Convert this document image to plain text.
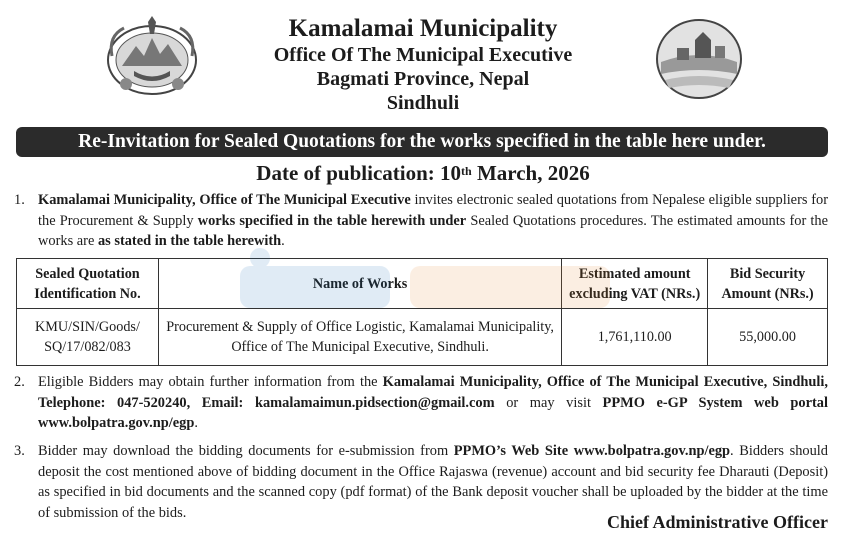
Kamalamai Municipality
Office Of The Municipal Executive
Bagmati Province, Nepal
Sindhuli
Re-Invitation for Sealed Quotations for the works specified in the table here under.
Date of publication: 10th March, 2026
1. Kamalamai Municipality, Office of The Municipal Executive invites electronic sealed quotations from Nepalese eligible suppliers for the Procurement & Supply works specified in the table herewith under Sealed Quotations procedures. The estimated amounts for the works are as stated in the table herewith.
Sealed Quotation Identification No.	Name of Works	Estimated amount excluding VAT (NRs.)	Bid Security Amount (NRs.)
KMU/SIN/Goods/ SQ/17/082/083	Procurement & Supply of Office Logistic, Kamalamai Municipality, Office of The Municipal Executive, Sindhuli.	1,761,110.00	55,000.00
2. Eligible Bidders may obtain further information from the Kamalamai Municipality, Office of The Municipal Executive, Sindhuli, Telephone: 047-520240, Email: kamalamaimun.pidsection@gmail.com or may visit PPMO e-GP System web portal www.bolpatra.gov.np/egp.
3. Bidder may download the bidding documents for e-submission from PPMO’s Web Site www.bolpatra.gov.np/egp. Bidders should deposit the cost mentioned above of bidding document in the Office Rajaswa (revenue) account and bid security fee Dharauti (Deposit) as specified in bid documents and the scanned copy (pdf format) of the Bank deposit voucher shall be uploaded by the bidder at the time of submission of the bids.	Chief Administrative Officer
